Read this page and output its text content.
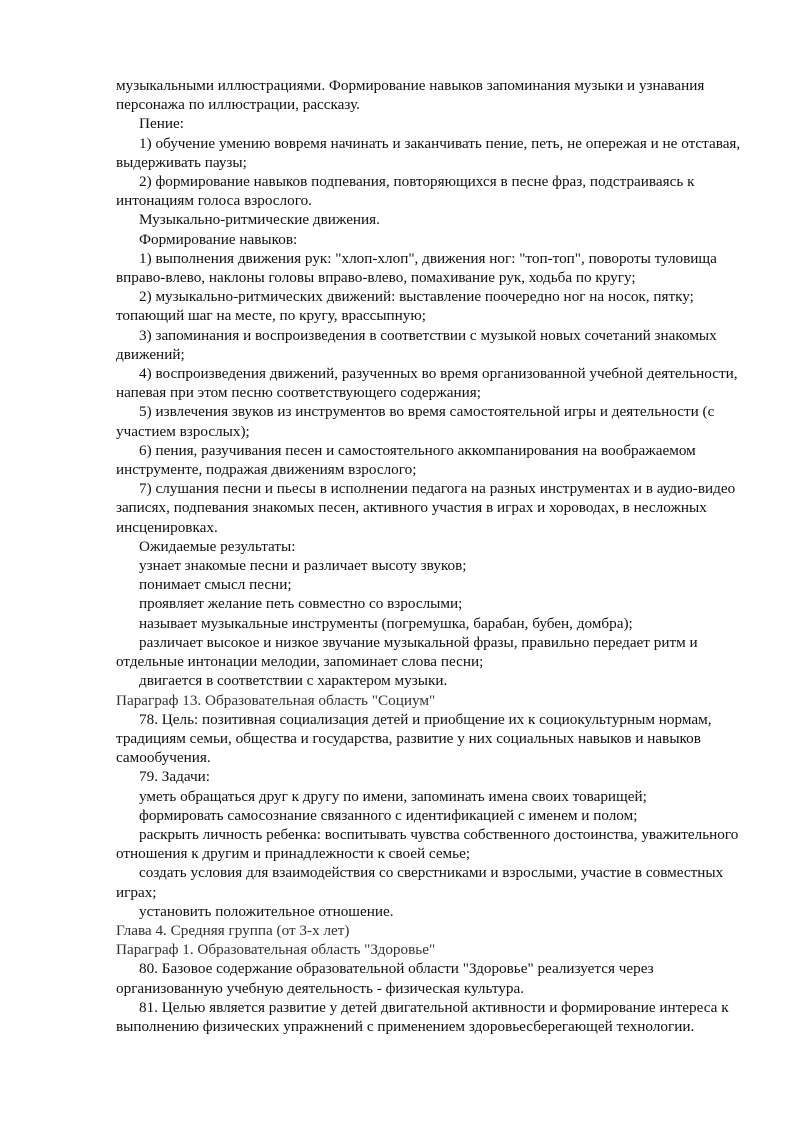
музыкальными иллюстрациями. Формирование навыков запоминания музыки и узнавания персонажа по иллюстрации, рассказу.

Пение:

1) обучение умению вовремя начинать и заканчивать пение, петь, не опережая и не отставая, выдерживать паузы;

2) формирование навыков подпевания, повторяющихся в песне фраз, подстраиваясь к интонациям голоса взрослого.

Музыкально-ритмические движения.

Формирование навыков:

1) выполнения движения рук: "хлоп-хлоп", движения ног: "топ-топ", повороты туловища вправо-влево, наклоны головы вправо-влево, помахивание рук, ходьба по кругу;

2) музыкально-ритмических движений: выставление поочередно ног на носок, пятку; топающий шаг на месте, по кругу, врассыпную;

3) запоминания и воспроизведения в соответствии с музыкой новых сочетаний знакомых движений;

4) воспроизведения движений, разученных во время организованной учебной деятельности, напевая при этом песню соответствующего содержания;

5) извлечения звуков из инструментов во время самостоятельной игры и деятельности (с участием взрослых);

6) пения, разучивания песен и самостоятельного аккомпанирования на воображаемом инструменте, подражая движениям взрослого;

7) слушания песни и пьесы в исполнении педагога на разных инструментах и в аудио-видео записях, подпевания знакомых песен, активного участия в играх и хороводах, в несложных инсценировках.

Ожидаемые результаты:

узнает знакомые песни и различает высоту звуков;

понимает смысл песни;

проявляет желание петь совместно со взрослыми;

называет музыкальные инструменты (погремушка, барабан, бубен, домбра);

различает высокое и низкое звучание музыкальной фразы, правильно передает ритм и отдельные интонации мелодии, запоминает слова песни;

двигается в соответствии с характером музыки.

Параграф 13. Образовательная область "Социум"

78. Цель: позитивная социализация детей и приобщение их к социокультурным нормам, традициям семьи, общества и государства, развитие у них социальных навыков и навыков самообучения.

79. Задачи:

уметь обращаться друг к другу по имени, запоминать имена своих товарищей;

формировать самосознание связанного с идентификацией с именем и полом;

раскрыть личность ребенка: воспитывать чувства собственного достоинства, уважительного отношения к другим и принадлежности к своей семье;

создать условия для взаимодействия со сверстниками и взрослыми, участие в совместных играх;

установить положительное отношение.

Глава 4. Средняя группа (от 3-х лет)

Параграф 1. Образовательная область "Здоровье"

80. Базовое содержание образовательной области "Здоровье" реализуется через организованную учебную деятельность - физическая культура.

81. Целью является развитие у детей двигательной активности и формирование интереса к выполнению физических упражнений с применением здоровьесберегающей технологии.
